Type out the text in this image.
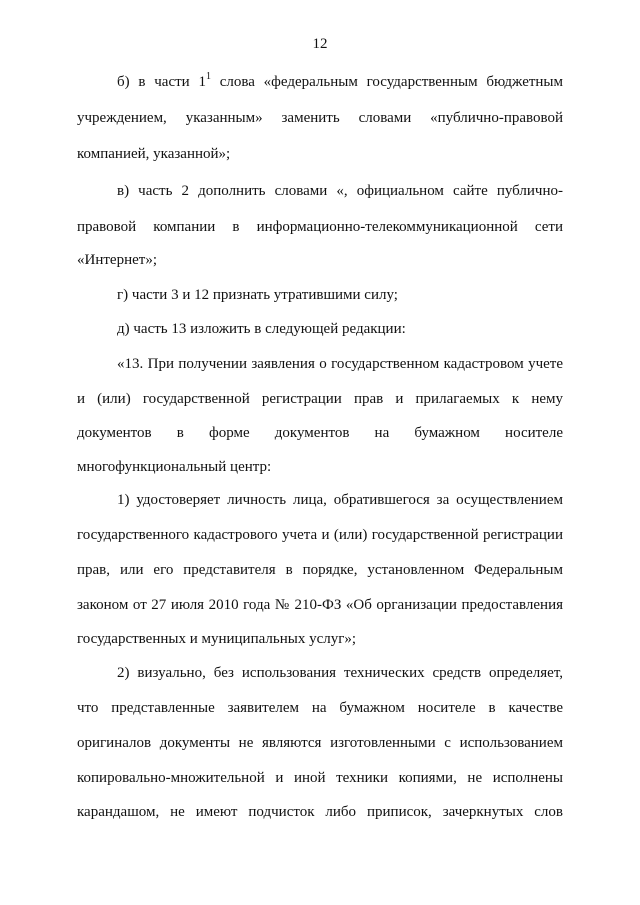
12
б) в части $1^1$ слова «федеральным государственным бюджетным
учреждением, указанным» заменить словами «публично-правовой
компанией, указанной»;
в) часть 2 дополнить словами «, официальном сайте публично-
правовой компании в информационно-телекоммуникационной сети
«Интернет»;
г) части 3 и 12 признать утратившими силу;
д) часть 13 изложить в следующей редакции:
«13. При получении заявления о государственном кадастровом учете
и (или) государственной регистрации прав и прилагаемых к нему
документов в форме документов на бумажном носителе
многофункциональный центр:
1) удостоверяет личность лица, обратившегося за осуществлением
государственного кадастрового учета и (или) государственной регистрации
прав, или его представителя в порядке, установленном Федеральным
законом от 27 июля 2010 года № 210-ФЗ «Об организации предоставления
государственных и муниципальных услуг»;
2) визуально, без использования технических средств определяет,
что представленные заявителем на бумажном носителе в качестве
оригиналов документы не являются изготовленными с использованием
копировально-множительной и иной техники копиями, не исполнены
карандашом, не имеют подчисток либо приписок, зачеркнутых слов
